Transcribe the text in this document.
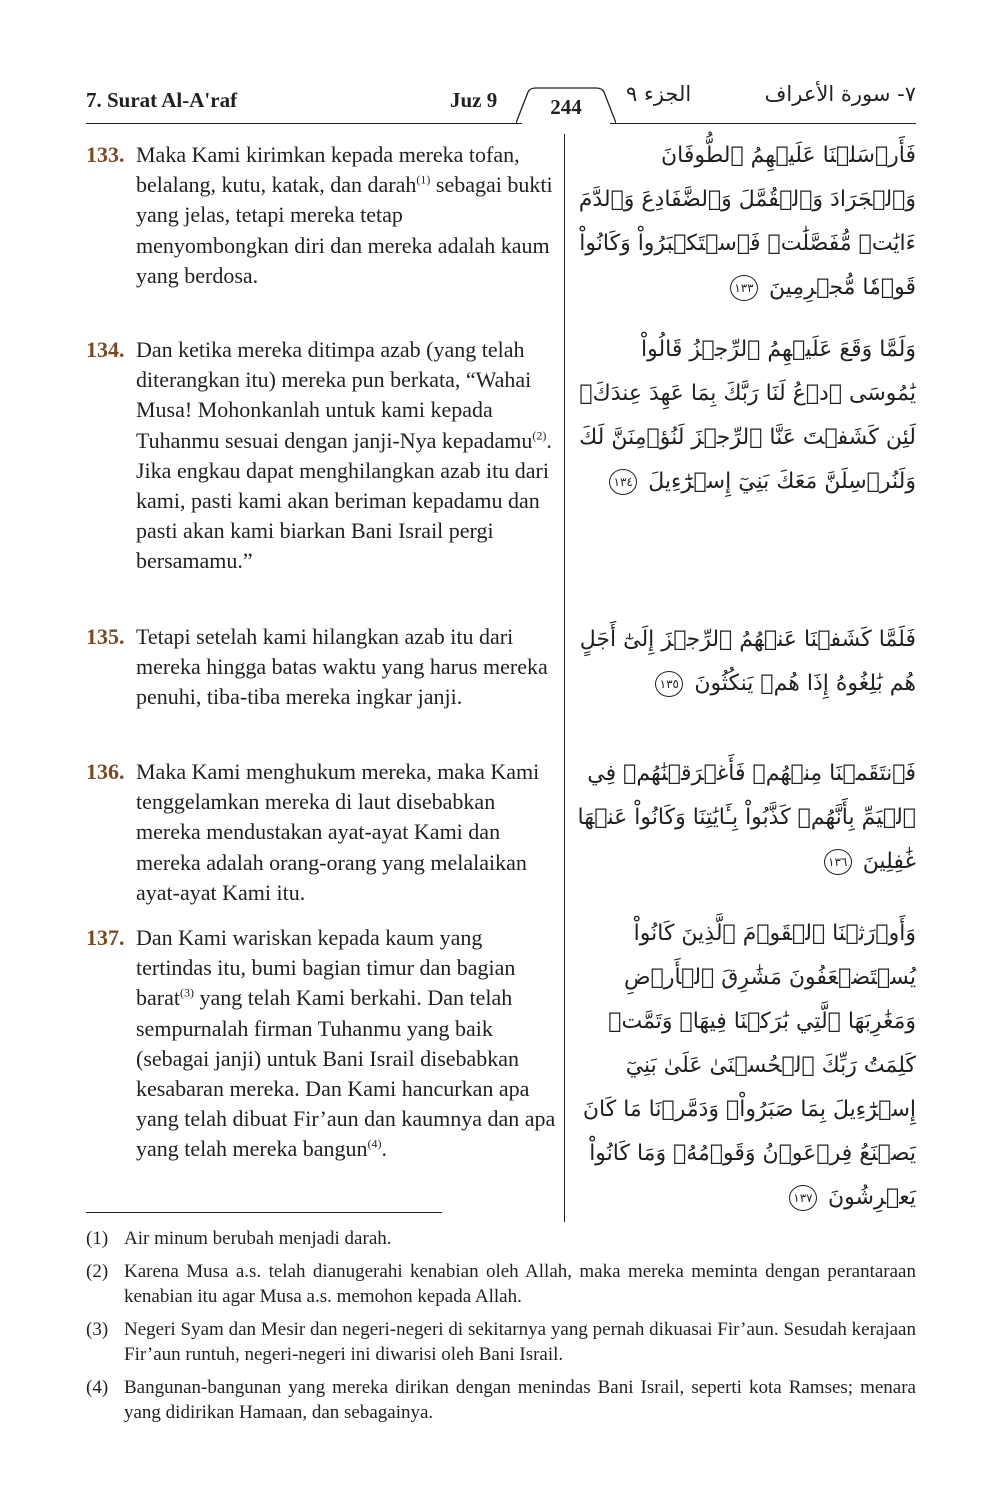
7. Surat Al-A'raf	Juz 9	الجزء ٩	٧- سورة الأعراف
244
133. Maka Kami kirimkan kepada mereka tofan, belalang, kutu, katak, dan darah$^{(1)}$ sebagai bukti yang jelas, tetapi mereka tetap menyombongkan diri dan mereka adalah kaum yang berdosa.
فَأَرۡسَلۡنَا عَلَيۡهِمُ ٱلطُّوفَانَ وَٱلۡجَرَادَ وَٱلۡقُمَّلَ وَٱلضَّفَادِعَ وَٱلدَّمَ ءَايَٰتٖ مُّفَصَّلَٰتٖ فَٱسۡتَكۡبَرُواْ وَكَانُواْ قَوۡمٗا مُّجۡرِمِينَ ١٣٣
134. Dan ketika mereka ditimpa azab (yang telah diterangkan itu) mereka pun berkata, “Wahai Musa! Mohonkanlah untuk kami kepada Tuhanmu sesuai dengan janji-Nya kepadamu$^{(2)}$. Jika engkau dapat menghilangkan azab itu dari kami, pasti kami akan beriman kepadamu dan pasti akan kami biarkan Bani Israil pergi bersamamu.”
وَلَمَّا وَقَعَ عَلَيۡهِمُ ٱلرِّجۡزُ قَالُواْ يَٰمُوسَى ٱدۡعُ لَنَا رَبَّكَ بِمَا عَهِدَ عِندَكَۖ لَئِن كَشَفۡتَ عَنَّا ٱلرِّجۡزَ لَنُؤۡمِنَنَّ لَكَ وَلَنُرۡسِلَنَّ مَعَكَ بَنِيٓ إِسۡرَٰٓءِيلَ ١٣٤
135. Tetapi setelah kami hilangkan azab itu dari mereka hingga batas waktu yang harus mereka penuhi, tiba-tiba mereka ingkar janji.
فَلَمَّا كَشَفۡنَا عَنۡهُمُ ٱلرِّجۡزَ إِلَىٰٓ أَجَلٍ هُم بَٰلِغُوهُ إِذَا هُمۡ يَنكُثُونَ ١٣٥
136. Maka Kami menghukum mereka, maka Kami tenggelamkan mereka di laut disebabkan mereka mendustakan ayat-ayat Kami dan mereka adalah orang-orang yang melalaikan ayat-ayat Kami itu.
فَٱنتَقَمۡنَا مِنۡهُمۡ فَأَغۡرَقۡنَٰهُمۡ فِي ٱلۡيَمِّ بِأَنَّهُمۡ كَذَّبُواْ بِـَٔايَٰتِنَا وَكَانُواْ عَنۡهَا غَٰفِلِينَ ١٣٦
137. Dan Kami wariskan kepada kaum yang tertindas itu, bumi bagian timur dan bagian barat$^{(3)}$ yang telah Kami berkahi. Dan telah sempurnalah firman Tuhanmu yang baik (sebagai janji) untuk Bani Israil disebabkan kesabaran mereka. Dan Kami hancurkan apa yang telah dibuat Fir’aun dan kaumnya dan apa yang telah mereka bangun$^{(4)}$.
وَأَوۡرَثۡنَا ٱلۡقَوۡمَ ٱلَّذِينَ كَانُواْ يُسۡتَضۡعَفُونَ مَشَٰرِقَ ٱلۡأَرۡضِ وَمَغَٰرِبَهَا ٱلَّتِي بَٰرَكۡنَا فِيهَاۖ وَتَمَّتۡ كَلِمَتُ رَبِّكَ ٱلۡحُسۡنَىٰ عَلَىٰ بَنِيٓ إِسۡرَٰٓءِيلَ بِمَا صَبَرُواْۖ وَدَمَّرۡنَا مَا كَانَ يَصۡنَعُ فِرۡعَوۡنُ وَقَوۡمُهُۥ وَمَا كَانُواْ يَعۡرِشُونَ ١٣٧
(1) Air minum berubah menjadi darah.
(2) Karena Musa a.s. telah dianugerahi kenabian oleh Allah, maka mereka meminta dengan perantaraan kenabian itu agar Musa a.s. memohon kepada Allah.
(3) Negeri Syam dan Mesir dan negeri-negeri di sekitarnya yang pernah dikuasai Fir’aun. Sesudah kerajaan Fir’aun runtuh, negeri-negeri ini diwarisi oleh Bani Israil.
(4) Bangunan-bangunan yang mereka dirikan dengan menindas Bani Israil, seperti kota Ramses; menara yang didirikan Hamaan, dan sebagainya.
